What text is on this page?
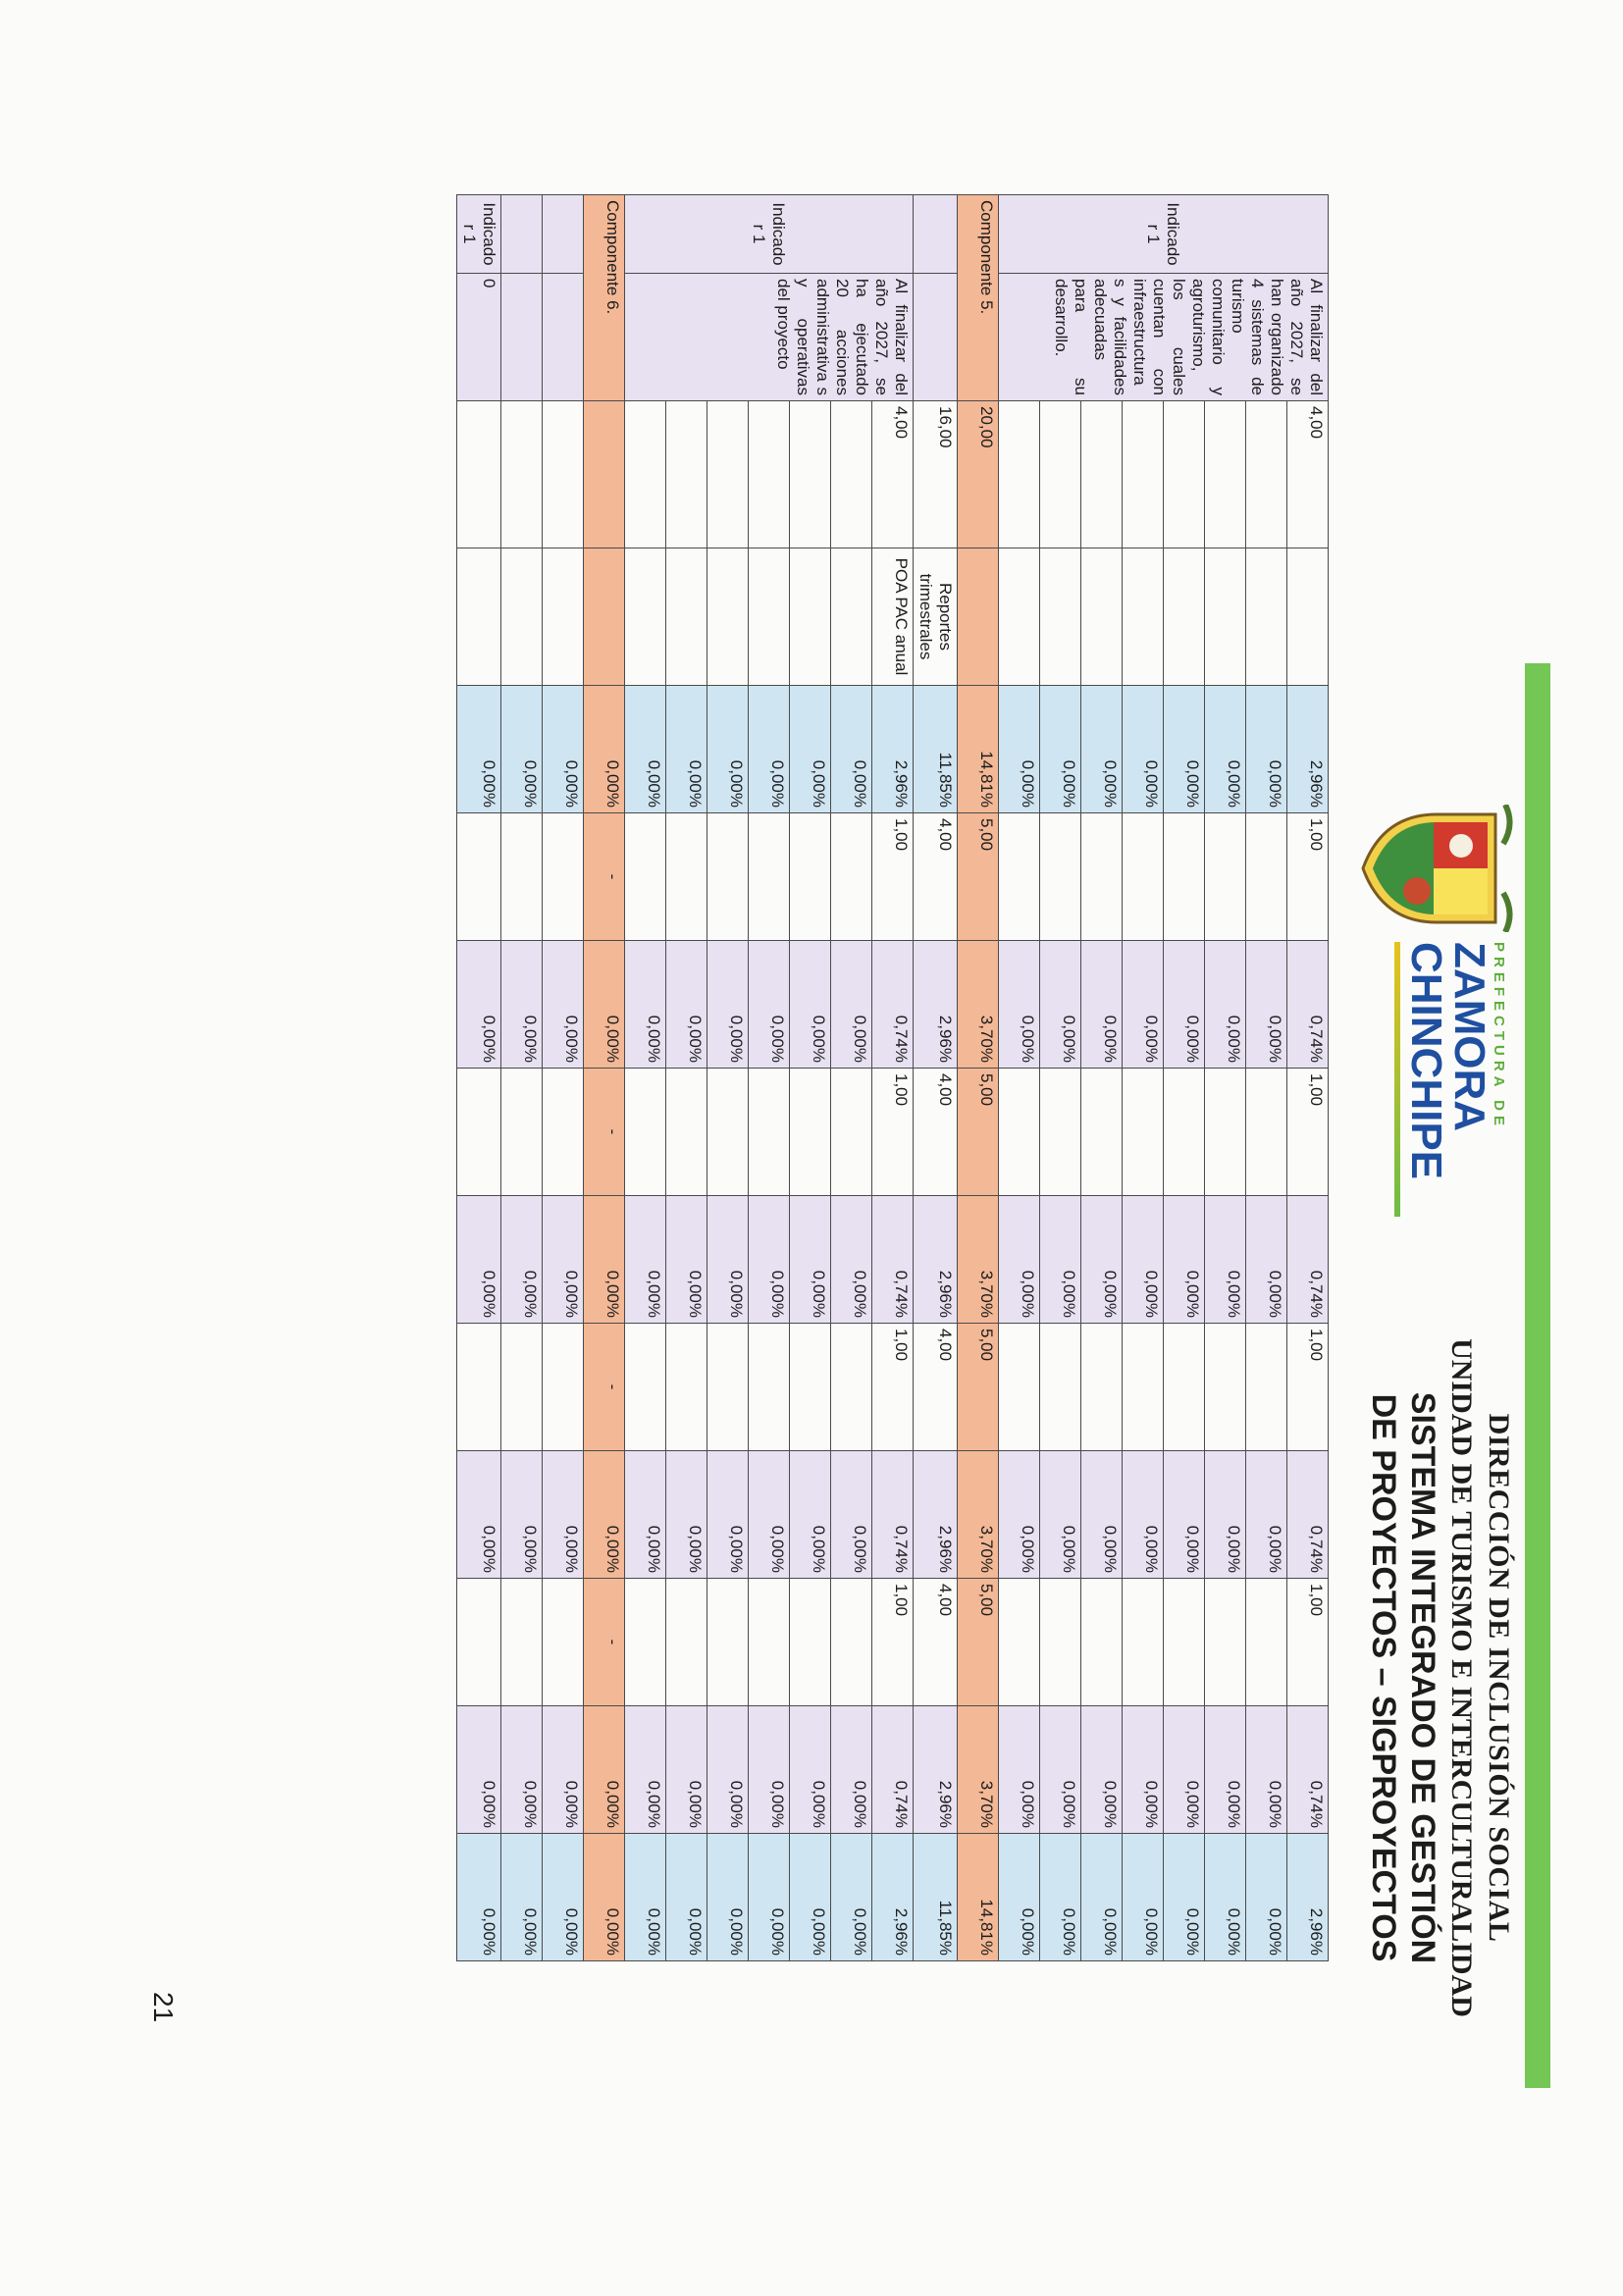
PREFECTURA DE
ZAMORA
CHINCHIPE
DIRECCIÓN DE INCLUSIÓN SOCIAL
UNIDAD DE TURISMO E INTERCULTURALIDAD
SISTEMA INTEGRADO DE GESTIÓN
DE PROYECTOS – SIGPROYECTOS
Indicado r 1	Al finalizar del año 2027, se han organizado 4 sistemas de turismo comunitario y agroturismo, los cuales cuentan con infraestructura s y facilidades adecuadas para su desarrollo.	4,00		2,96%	1,00	0,74%	1,00	0,74%	1,00	0,74%	1,00	0,74%	2,96%
				0,00%		0,00%		0,00%		0,00%		0,00%	0,00%
				0,00%		0,00%		0,00%		0,00%		0,00%	0,00%
				0,00%		0,00%		0,00%		0,00%		0,00%	0,00%
				0,00%		0,00%		0,00%		0,00%		0,00%	0,00%
				0,00%		0,00%		0,00%		0,00%		0,00%	0,00%
				0,00%		0,00%		0,00%		0,00%		0,00%	0,00%
				0,00%		0,00%		0,00%		0,00%		0,00%	0,00%
Componente 5.		20,00		14,81%	5,00	3,70%	5,00	3,70%	5,00	3,70%	5,00	3,70%	14,81%
		16,00	Reportes trimestrales	11,85%	4,00	2,96%	4,00	2,96%	4,00	2,96%	4,00	2,96%	11,85%
Indicado r 1	Al finalizar del año 2027, se ha ejecutado 20 acciones administrativa s y operativas del proyecto	4,00	POA PAC anual	2,96%	1,00	0,74%	1,00	0,74%	1,00	0,74%	1,00	0,74%	2,96%
				0,00%		0,00%		0,00%		0,00%		0,00%	0,00%
				0,00%		0,00%		0,00%		0,00%		0,00%	0,00%
				0,00%		0,00%		0,00%		0,00%		0,00%	0,00%
				0,00%		0,00%		0,00%		0,00%		0,00%	0,00%
				0,00%		0,00%		0,00%		0,00%		0,00%	0,00%
				0,00%		0,00%		0,00%		0,00%		0,00%	0,00%
Componente 6.				0,00%	-	0,00%	-	0,00%	-	0,00%	-	0,00%	0,00%
				0,00%		0,00%		0,00%		0,00%		0,00%	0,00%
				0,00%		0,00%		0,00%		0,00%		0,00%	0,00%
Indicado r 1	0			0,00%		0,00%		0,00%		0,00%		0,00%	0,00%
21
